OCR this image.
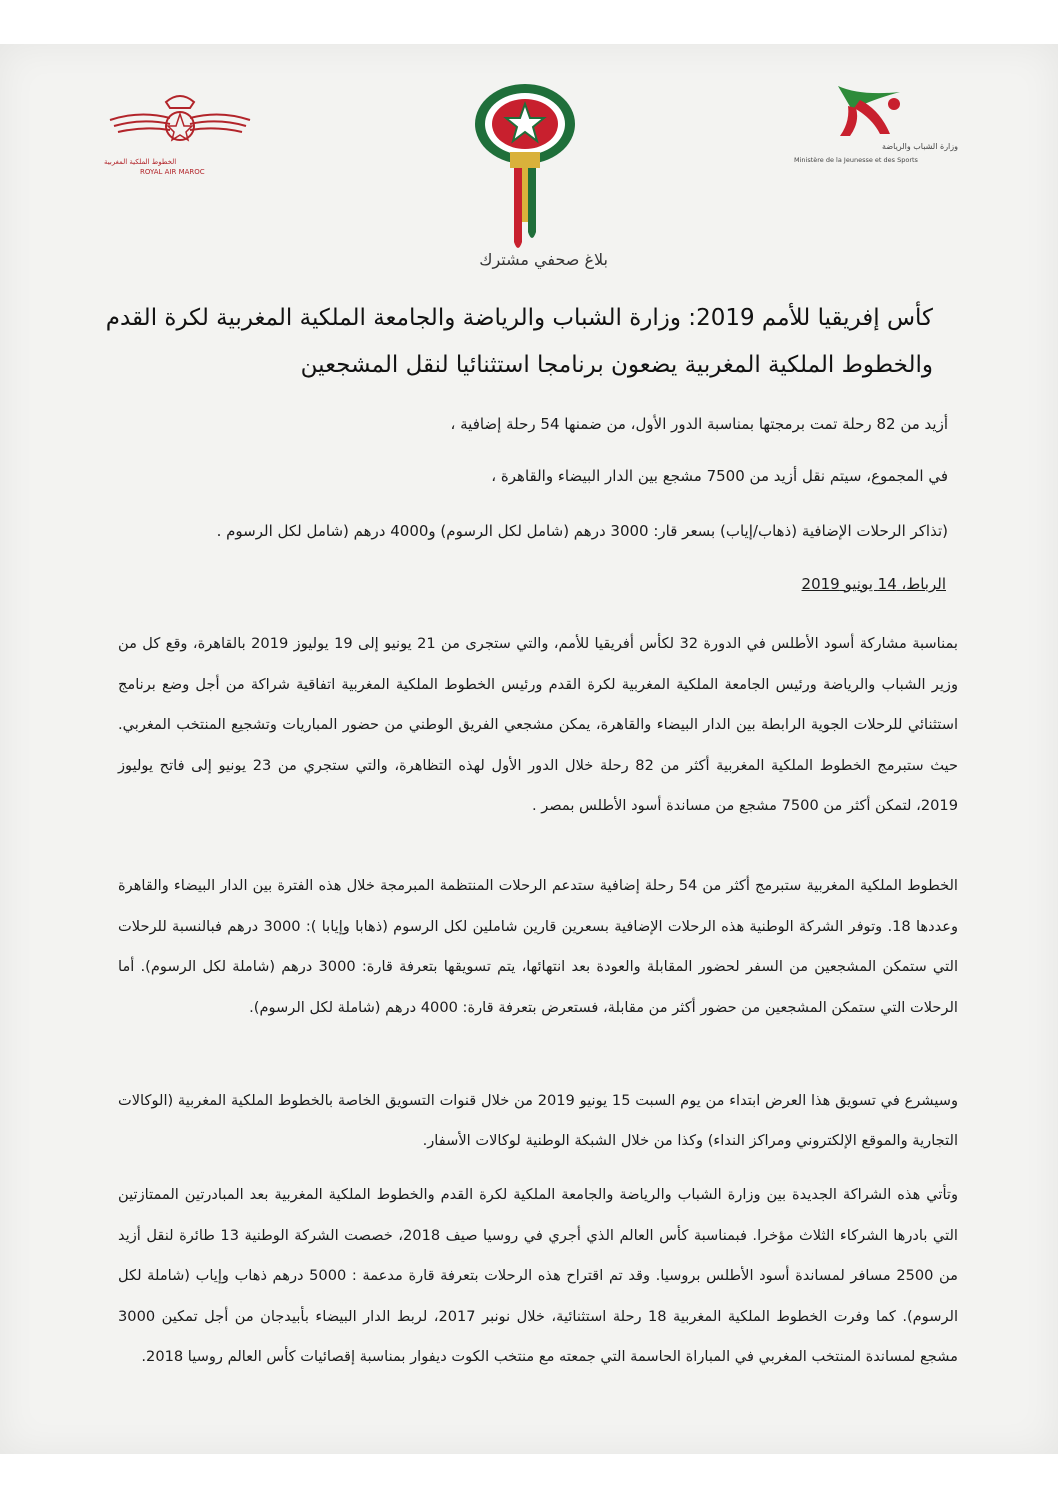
الخطوط الملكية المغربية
ROYAL AIR MAROC
وزارة الشباب والرياضة
Ministère de la Jeunesse et des Sports
بلاغ صحفي مشترك
كأس إفريقيا للأمم 2019: وزارة الشباب والرياضة والجامعة الملكية المغربية لكرة القدم
والخطوط الملكية المغربية يضعون برنامجا استثنائيا لنقل المشجعين
أزيد من 82 رحلة تمت برمجتها بمناسبة الدور الأول، من ضمنها 54 رحلة إضافية ،
في المجموع، سيتم نقل أزيد من 7500 مشجع بين الدار البيضاء والقاهرة ،
(تذاكر الرحلات الإضافية (ذهاب/إياب) بسعر قار: 3000 درهم (شامل لكل الرسوم) و4000 درهم (شامل لكل الرسوم .
الرباط، 14 يونيو 2019
بمناسبة مشاركة أسود الأطلس في الدورة 32 لكأس أفريقيا للأمم، والتي ستجرى من 21 يونيو إلى 19 يوليوز 2019 بالقاهرة، وقع كل من وزير الشباب والرياضة ورئيس الجامعة الملكية المغربية لكرة القدم ورئيس الخطوط الملكية المغربية اتفاقية شراكة من أجل وضع برنامج استثنائي للرحلات الجوية الرابطة بين الدار البيضاء والقاهرة، يمكن مشجعي الفريق الوطني من حضور المباريات وتشجيع المنتخب المغربي. حيث ستبرمج الخطوط الملكية المغربية أكثر من 82 رحلة خلال الدور الأول لهذه التظاهرة، والتي ستجري من 23 يونيو إلى فاتح يوليوز 2019، لتمكن أكثر من 7500 مشجع من مساندة أسود الأطلس بمصر .
الخطوط الملكية المغربية ستبرمج أكثر من 54 رحلة إضافية ستدعم الرحلات المنتظمة المبرمجة خلال هذه الفترة بين الدار البيضاء والقاهرة وعددها 18. وتوفر الشركة الوطنية هذه الرحلات الإضافية بسعرين قارين شاملين لكل الرسوم (ذهابا وإيابا ): 3000 درهم فبالنسبة للرحلات التي ستمكن المشجعين من السفر لحضور المقابلة والعودة بعد انتهائها، يتم تسويقها بتعرفة قارة: 3000 درهم (شاملة لكل الرسوم). أما الرحلات التي ستمكن المشجعين من حضور أكثر من مقابلة، فستعرض بتعرفة قارة: 4000 درهم (شاملة لكل الرسوم).
وسيشرع في تسويق هذا العرض ابتداء من يوم السبت 15 يونيو 2019 من خلال قنوات التسويق الخاصة بالخطوط الملكية المغربية (الوكالات التجارية والموقع الإلكتروني ومراكز النداء) وكذا من خلال الشبكة الوطنية لوكالات الأسفار.
وتأتي هذه الشراكة الجديدة بين وزارة الشباب والرياضة والجامعة الملكية لكرة القدم والخطوط الملكية المغربية بعد المبادرتين الممتازتين التي بادرها الشركاء الثلاث مؤخرا. فبمناسبة كأس العالم الذي أجري في روسيا صيف 2018، خصصت الشركة الوطنية 13 طائرة لنقل أزيد من 2500 مسافر لمساندة أسود الأطلس بروسيا. وقد تم اقتراح هذه الرحلات بتعرفة قارة مدعمة : 5000 درهم ذهاب وإياب (شاملة لكل الرسوم). كما وفرت الخطوط الملكية المغربية 18 رحلة استثنائية، خلال نونبر 2017، لربط الدار البيضاء بأبيدجان من أجل تمكين 3000 مشجع لمساندة المنتخب المغربي في المباراة الحاسمة التي جمعته مع منتخب الكوت ديفوار بمناسبة إقصائيات كأس العالم روسيا 2018.
